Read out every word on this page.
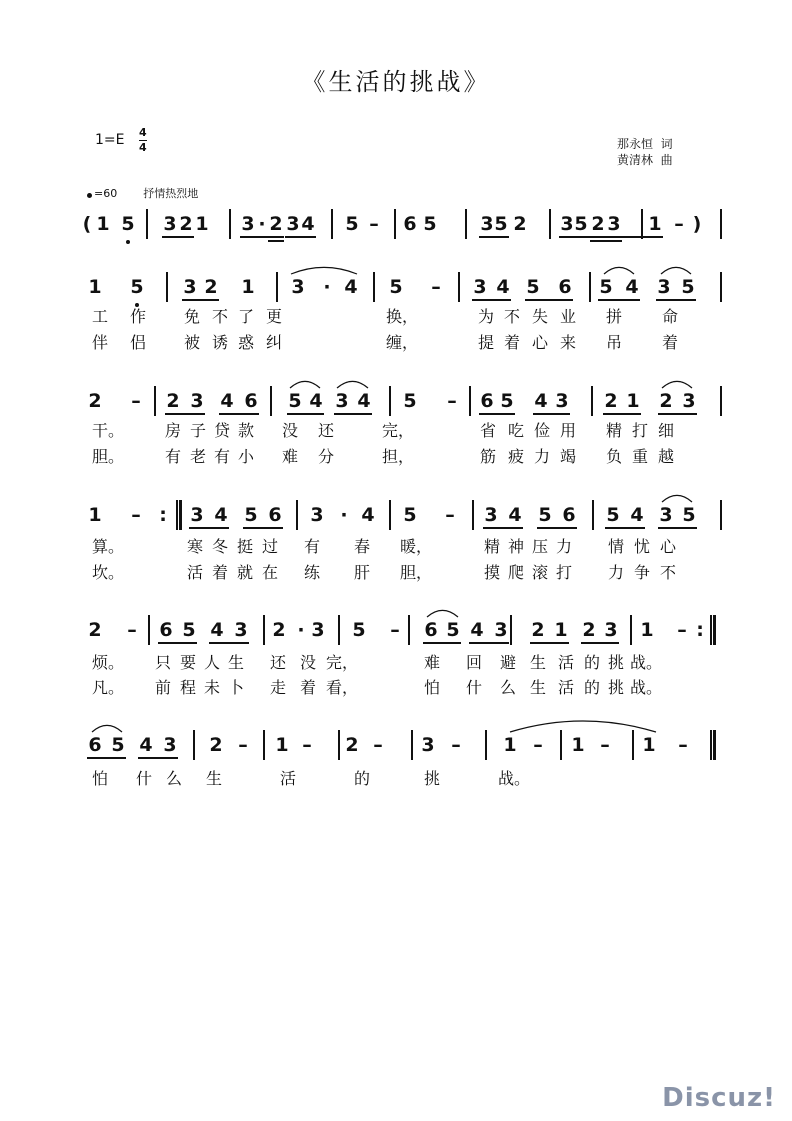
《生活的挑战》
1=E 4
4	那永恒  词
黄清林  曲
=60 抒情热烈地
( 1 5 3 2 1 3 · 2 3 4 5 – 6 5 3 5 2 3 5 2 3 1 – )
1 5 3 2 1 3 · 4 5 – 3 4 5 6 5 4 3 5
工 作 免 不 了 更	换，	为 不 失 业 拼 命
伴 侣 被 诱 惑 纠	缠，	提 着 心 来 吊 着
2 – 2 3 4 6 5 4 3 4 5 – 6 5 4 3 2 1 2 3
干。	房 子 贷 款 没 还	完，	省 吃 俭 用 精 打 细
胆。	有 老 有 小 难 分	担，	筋 疲 力 竭 负 重 越
1 – : 3 4 5 6 3 · 4 5 – 3 4 5 6 5 4 3 5
算。	寒 冬 挺 过 有 春 暖，	精 神 压 力 情 忧 心
坎。	活 着 就 在 练 肝 胆，	摸 爬 滚 打 力 争 不
2 – 6 5 4 3 2 · 3 5 – 6 5 4 3 2 1 2 3 1 – :
烦。 只 要 人 生 还 没 完，	难 回 避 生 活 的 挑 战。
凡。 前 程 未 卜 走 着 看，	怕 什 么 生 活 的 挑 战。
6 5 4 3 2 – 1 – 2 – 3 – 1 – 1 – 1 –
怕 什 么 生	活	的	挑	战。
Discuz!
